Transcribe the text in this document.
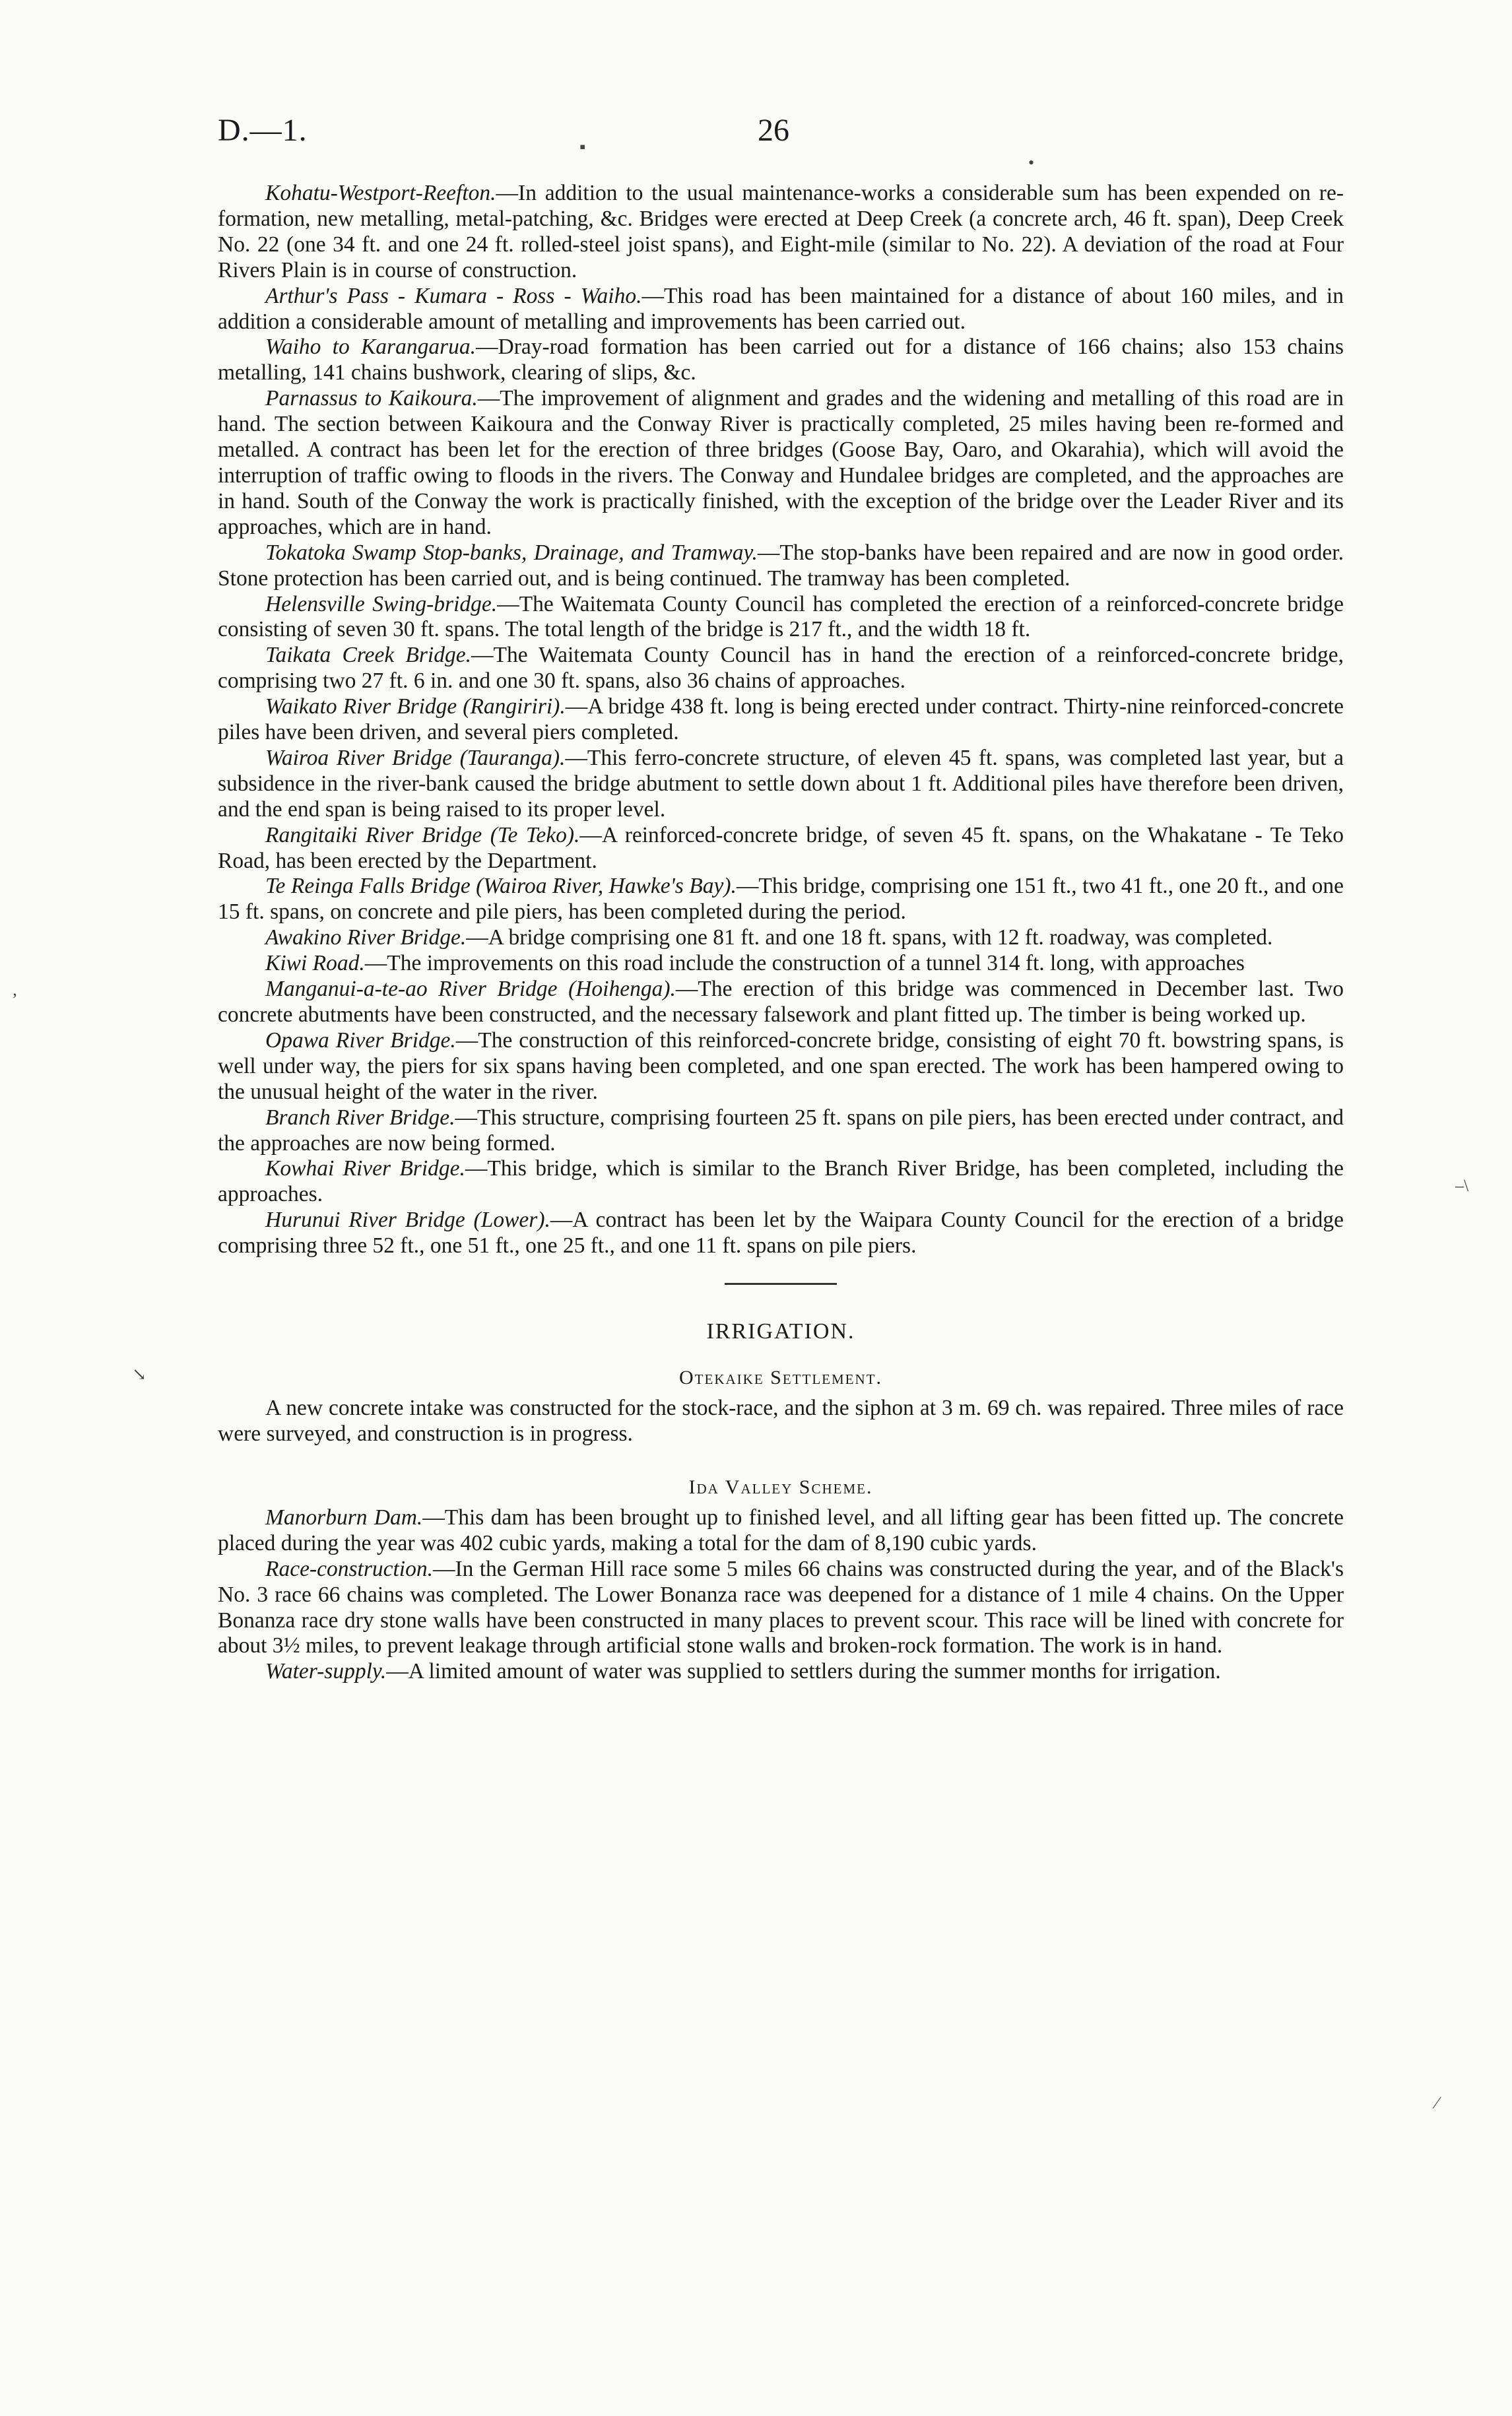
D.—1.	26

Kohatu-Westport-Reefton.—In addition to the usual maintenance-works a considerable sum has been expended on re-formation, new metalling, metal-patching, &c. Bridges were erected at Deep Creek (a concrete arch, 46 ft. span), Deep Creek No. 22 (one 34 ft. and one 24 ft. rolled-steel joist spans), and Eight-mile (similar to No. 22). A deviation of the road at Four Rivers Plain is in course of construction.

Arthur's Pass - Kumara - Ross - Waiho.—This road has been maintained for a distance of about 160 miles, and in addition a considerable amount of metalling and improvements has been carried out.

Waiho to Karangarua.—Dray-road formation has been carried out for a distance of 166 chains; also 153 chains metalling, 141 chains bushwork, clearing of slips, &c.

Parnassus to Kaikoura.—The improvement of alignment and grades and the widening and metalling of this road are in hand. The section between Kaikoura and the Conway River is practically completed, 25 miles having been re-formed and metalled. A contract has been let for the erection of three bridges (Goose Bay, Oaro, and Okarahia), which will avoid the interruption of traffic owing to floods in the rivers. The Conway and Hundalee bridges are completed, and the approaches are in hand. South of the Conway the work is practically finished, with the exception of the bridge over the Leader River and its approaches, which are in hand.

Tokatoka Swamp Stop-banks, Drainage, and Tramway.—The stop-banks have been repaired and are now in good order. Stone protection has been carried out, and is being continued. The tramway has been completed.

Helensville Swing-bridge.—The Waitemata County Council has completed the erection of a reinforced-concrete bridge consisting of seven 30 ft. spans. The total length of the bridge is 217 ft., and the width 18 ft.

Taikata Creek Bridge.—The Waitemata County Council has in hand the erection of a reinforced-concrete bridge, comprising two 27 ft. 6 in. and one 30 ft. spans, also 36 chains of approaches.

Waikato River Bridge (Rangiriri).—A bridge 438 ft. long is being erected under contract. Thirty-nine reinforced-concrete piles have been driven, and several piers completed.

Wairoa River Bridge (Tauranga).—This ferro-concrete structure, of eleven 45 ft. spans, was completed last year, but a subsidence in the river-bank caused the bridge abutment to settle down about 1 ft. Additional piles have therefore been driven, and the end span is being raised to its proper level.

Rangitaiki River Bridge (Te Teko).—A reinforced-concrete bridge, of seven 45 ft. spans, on the Whakatane - Te Teko Road, has been erected by the Department.

Te Reinga Falls Bridge (Wairoa River, Hawke's Bay).—This bridge, comprising one 151 ft., two 41 ft., one 20 ft., and one 15 ft. spans, on concrete and pile piers, has been completed during the period.

Awakino River Bridge.—A bridge comprising one 81 ft. and one 18 ft. spans, with 12 ft. roadway, was completed.

Kiwi Road.—The improvements on this road include the construction of a tunnel 314 ft. long, with approaches

Manganui-a-te-ao River Bridge (Hoihenga).—The erection of this bridge was commenced in December last. Two concrete abutments have been constructed, and the necessary falsework and plant fitted up. The timber is being worked up.

Opawa River Bridge.—The construction of this reinforced-concrete bridge, consisting of eight 70 ft. bowstring spans, is well under way, the piers for six spans having been completed, and one span erected. The work has been hampered owing to the unusual height of the water in the river.

Branch River Bridge.—This structure, comprising fourteen 25 ft. spans on pile piers, has been erected under contract, and the approaches are now being formed.

Kowhai River Bridge.—This bridge, which is similar to the Branch River Bridge, has been completed, including the approaches.

Hurunui River Bridge (Lower).—A contract has been let by the Waipara County Council for the erection of a bridge comprising three 52 ft., one 51 ft., one 25 ft., and one 11 ft. spans on pile piers.

IRRIGATION.
Otekaike Settlement.

A new concrete intake was constructed for the stock-race, and the siphon at 3 m. 69 ch. was repaired. Three miles of race were surveyed, and construction is in progress.

Ida Valley Scheme.

Manorburn Dam.—This dam has been brought up to finished level, and all lifting gear has been fitted up. The concrete placed during the year was 402 cubic yards, making a total for the dam of 8,190 cubic yards.

Race-construction.—In the German Hill race some 5 miles 66 chains was constructed during the year, and of the Black's No. 3 race 66 chains was completed. The Lower Bonanza race was deepened for a distance of 1 mile 4 chains. On the Upper Bonanza race dry stone walls have been constructed in many places to prevent scour. This race will be lined with concrete for about 3½ miles, to prevent leakage through artificial stone walls and broken-rock formation. The work is in hand.

Water-supply.—A limited amount of water was supplied to settlers during the summer months for irrigation.

▪
•
ʼ
–\
↘
⁄
